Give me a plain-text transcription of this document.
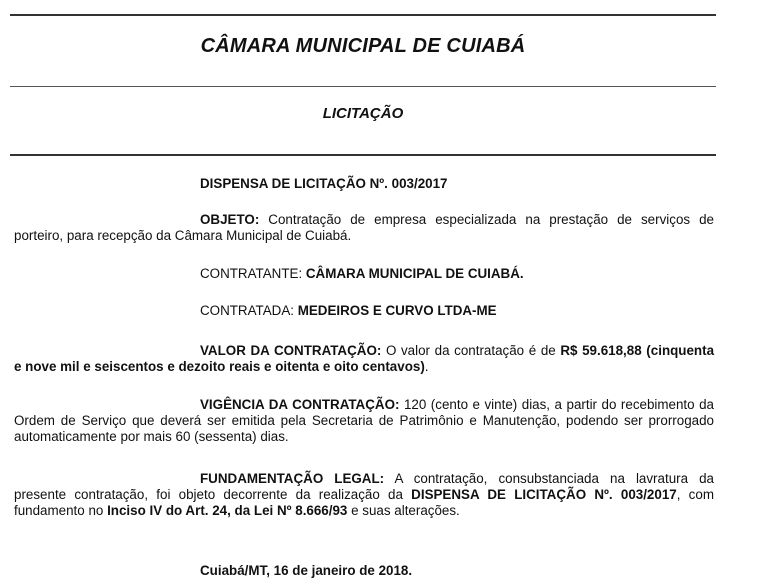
CÂMARA MUNICIPAL DE CUIABÁ
LICITAÇÃO
DISPENSA DE LICITAÇÃO Nº. 003/2017
OBJETO: Contratação de empresa especializada na prestação de serviços de porteiro, para recepção da Câmara Municipal de Cuiabá.
CONTRATANTE: CÂMARA MUNICIPAL DE CUIABÁ.
CONTRATADA: MEDEIROS E CURVO LTDA-ME
VALOR DA CONTRATAÇÃO: O valor da contratação é de R$ 59.618,88 (cinquenta e nove mil e seiscentos e dezoito reais e oitenta e oito centavos).
VIGÊNCIA DA CONTRATAÇÃO: 120 (cento e vinte) dias, a partir do recebimento da Ordem de Serviço que deverá ser emitida pela Secretaria de Patrimônio e Manutenção, podendo ser prorrogado automaticamente por mais 60 (sessenta) dias.
FUNDAMENTAÇÃO LEGAL: A contratação, consubstanciada na lavratura da presente contratação, foi objeto decorrente da realização da DISPENSA DE LICITAÇÃO Nº. 003/2017, com fundamento no Inciso IV do Art. 24, da Lei Nº 8.666/93 e suas alterações.
Cuiabá/MT, 16 de janeiro de 2018.
